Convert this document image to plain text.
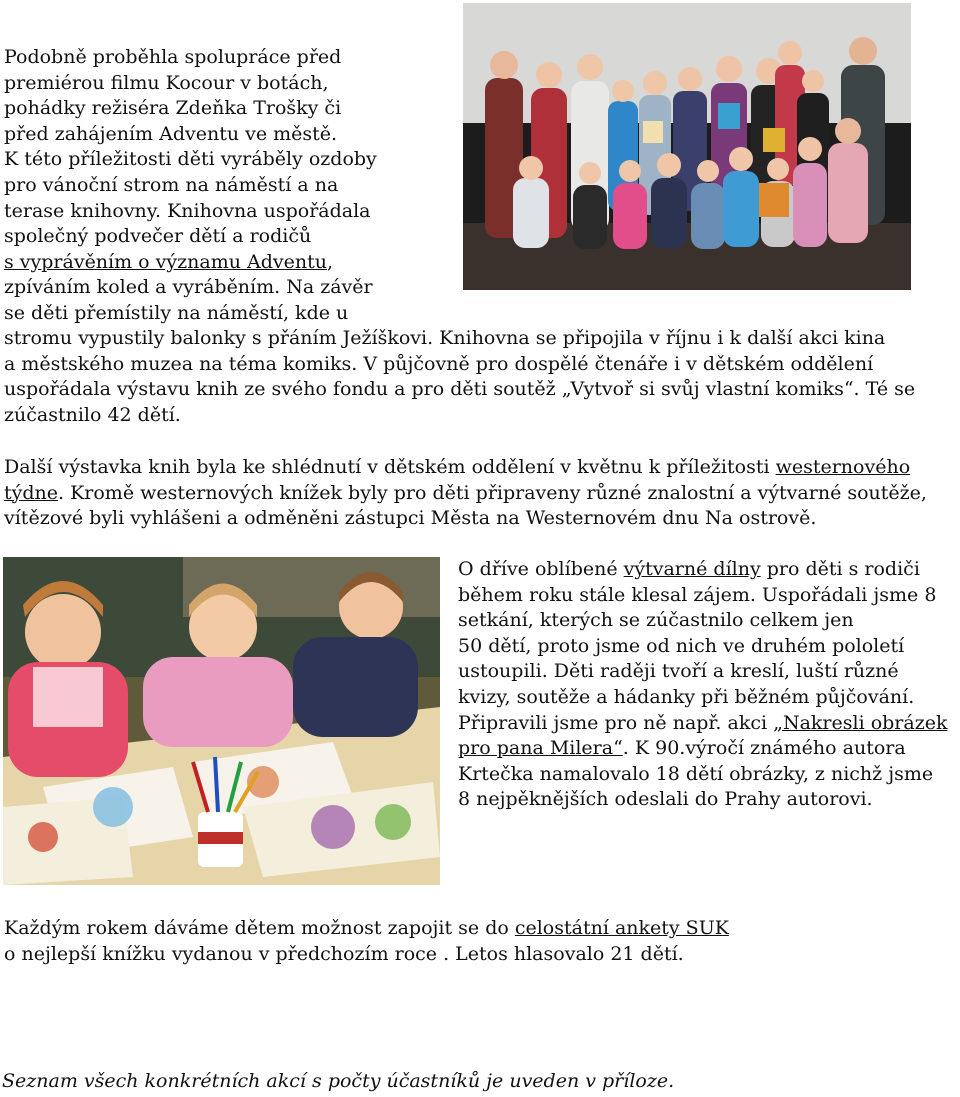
Podobně proběhla spolupráce před
premiérou filmu Kocour v botách,
pohádky režiséra Zdeňka Trošky či
před zahájením Adventu ve městě.
K této příležitosti děti vyráběly ozdoby
pro vánoční strom na náměstí a na
terase knihovny. Knihovna uspořádala
společný podvečer dětí a rodičů
s vyprávěním o významu Adventu,
zpíváním koled a vyráběním. Na závěr
se děti přemístily na náměstí, kde u
stromu vypustily balonky s přáním Ježíškovi. Knihovna se připojila v říjnu i k další akci kina
a městského muzea na téma komiks. V půjčovně pro dospělé čtenáře i v dětském oddělení
uspořádala výstavu knih ze svého fondu a pro děti soutěž „Vytvoř si svůj vlastní komiks“. Té se
zúčastnilo 42 dětí.
Další výstavka knih byla ke shlédnutí v dětském oddělení v květnu k příležitosti westernového
týdne. Kromě westernových knížek byly pro děti připraveny různé znalostní a výtvarné soutěže,
vítězové byli vyhlášeni a odměněni zástupci Města na Westernovém dnu Na ostrově.
O dříve oblíbené výtvarné dílny pro děti s rodiči
během roku stále klesal zájem. Uspořádali jsme 8
setkání, kterých se zúčastnilo celkem jen
50 dětí, proto jsme od nich ve druhém pololetí
ustoupili. Děti raději tvoří a kreslí, luští různé
kvizy, soutěže a hádanky při běžném půjčování.
Připravili jsme pro ně např. akci „Nakresli obrázek
pro pana Milera“. K 90.výročí známého autora
Krtečka namalovalo 18 dětí obrázky, z nichž jsme
8 nejpěknějších odeslali do Prahy autorovi.
Každým rokem dáváme dětem možnost zapojit se do celostátní ankety SUK
o nejlepší knížku vydanou v předchozím roce . Letos hlasovalo 21 dětí.
Seznam všech konkrétních akcí s počty účastníků je uveden v příloze.
